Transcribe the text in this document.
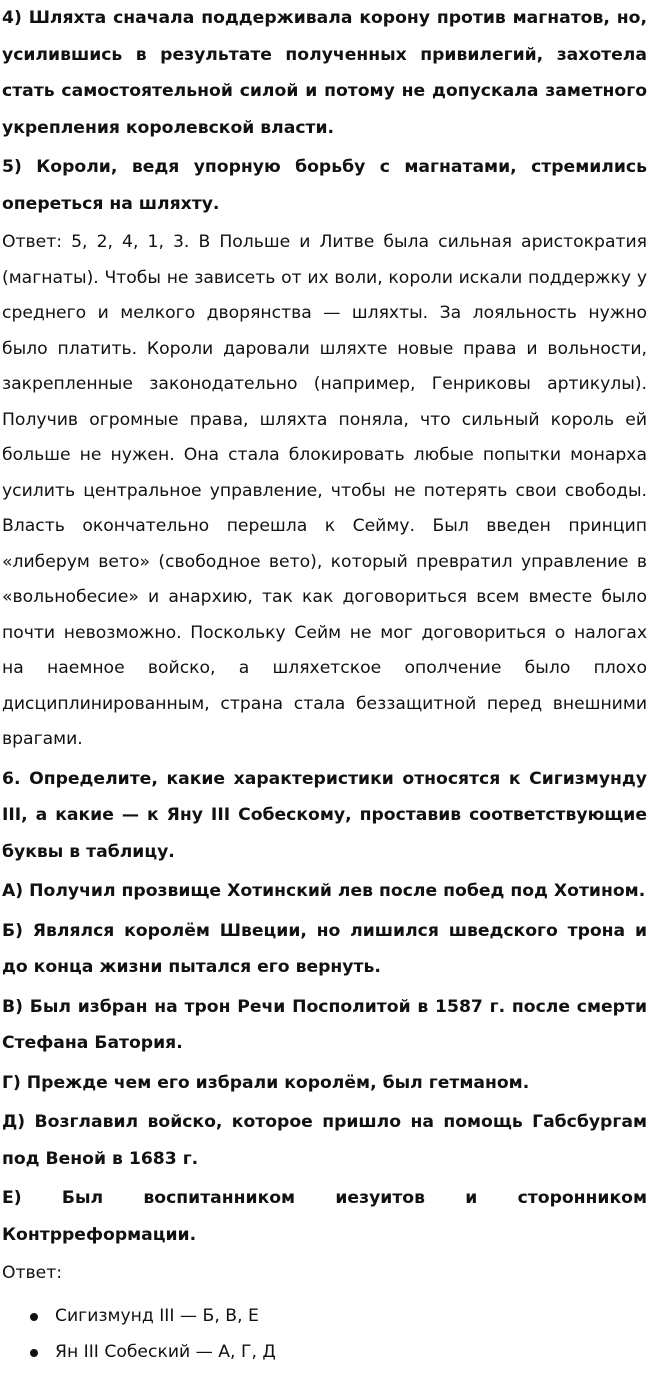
4) Шляхта сначала поддерживала корону против магнатов, но, усилившись в результате полученных привилегий, захотела стать самостоятельной силой и потому не допускала заметного укрепления королевской власти.

5) Короли, ведя упорную борьбу с магнатами, стремились опереться на шляхту.

Ответ: 5, 2, 4, 1, 3. В Польше и Литве была сильная аристократия (магнаты). Чтобы не зависеть от их воли, короли искали поддержку у среднего и мелкого дворянства — шляхты. За лояльность нужно было платить. Короли даровали шляхте новые права и вольности, закрепленные законодательно (например, Генриковы артикулы). Получив огромные права, шляхта поняла, что сильный король ей больше не нужен. Она стала блокировать любые попытки монарха усилить центральное управление, чтобы не потерять свои свободы. Власть окончательно перешла к Сейму. Был введен принцип «либерум вето» (свободное вето), который превратил управление в «вольнобесие» и анархию, так как договориться всем вместе было почти невозможно. Поскольку Сейм не мог договориться о налогах на наемное войско, а шляхетское ополчение было плохо дисциплинированным, страна стала беззащитной перед внешними врагами.

6. Определите, какие характеристики относятся к Сигизмунду III, а какие — к Яну III Собескому, проставив соответствующие буквы в таблицу.

А) Получил прозвище Хотинский лев после побед под Хотином.

Б) Являлся королём Швеции, но лишился шведского трона и до конца жизни пытался его вернуть.

В) Был избран на трон Речи Посполитой в 1587 г. после смерти Стефана Батория.

Г) Прежде чем его избрали королём, был гетманом.

Д) Возглавил войско, которое пришло на помощь Габсбургам под Веной в 1683 г.

Е) Был воспитанником иезуитов и сторонником Контрреформации.

Ответ:

Сигизмунд III — Б, В, Е
Ян III Собеский — А, Г, Д
